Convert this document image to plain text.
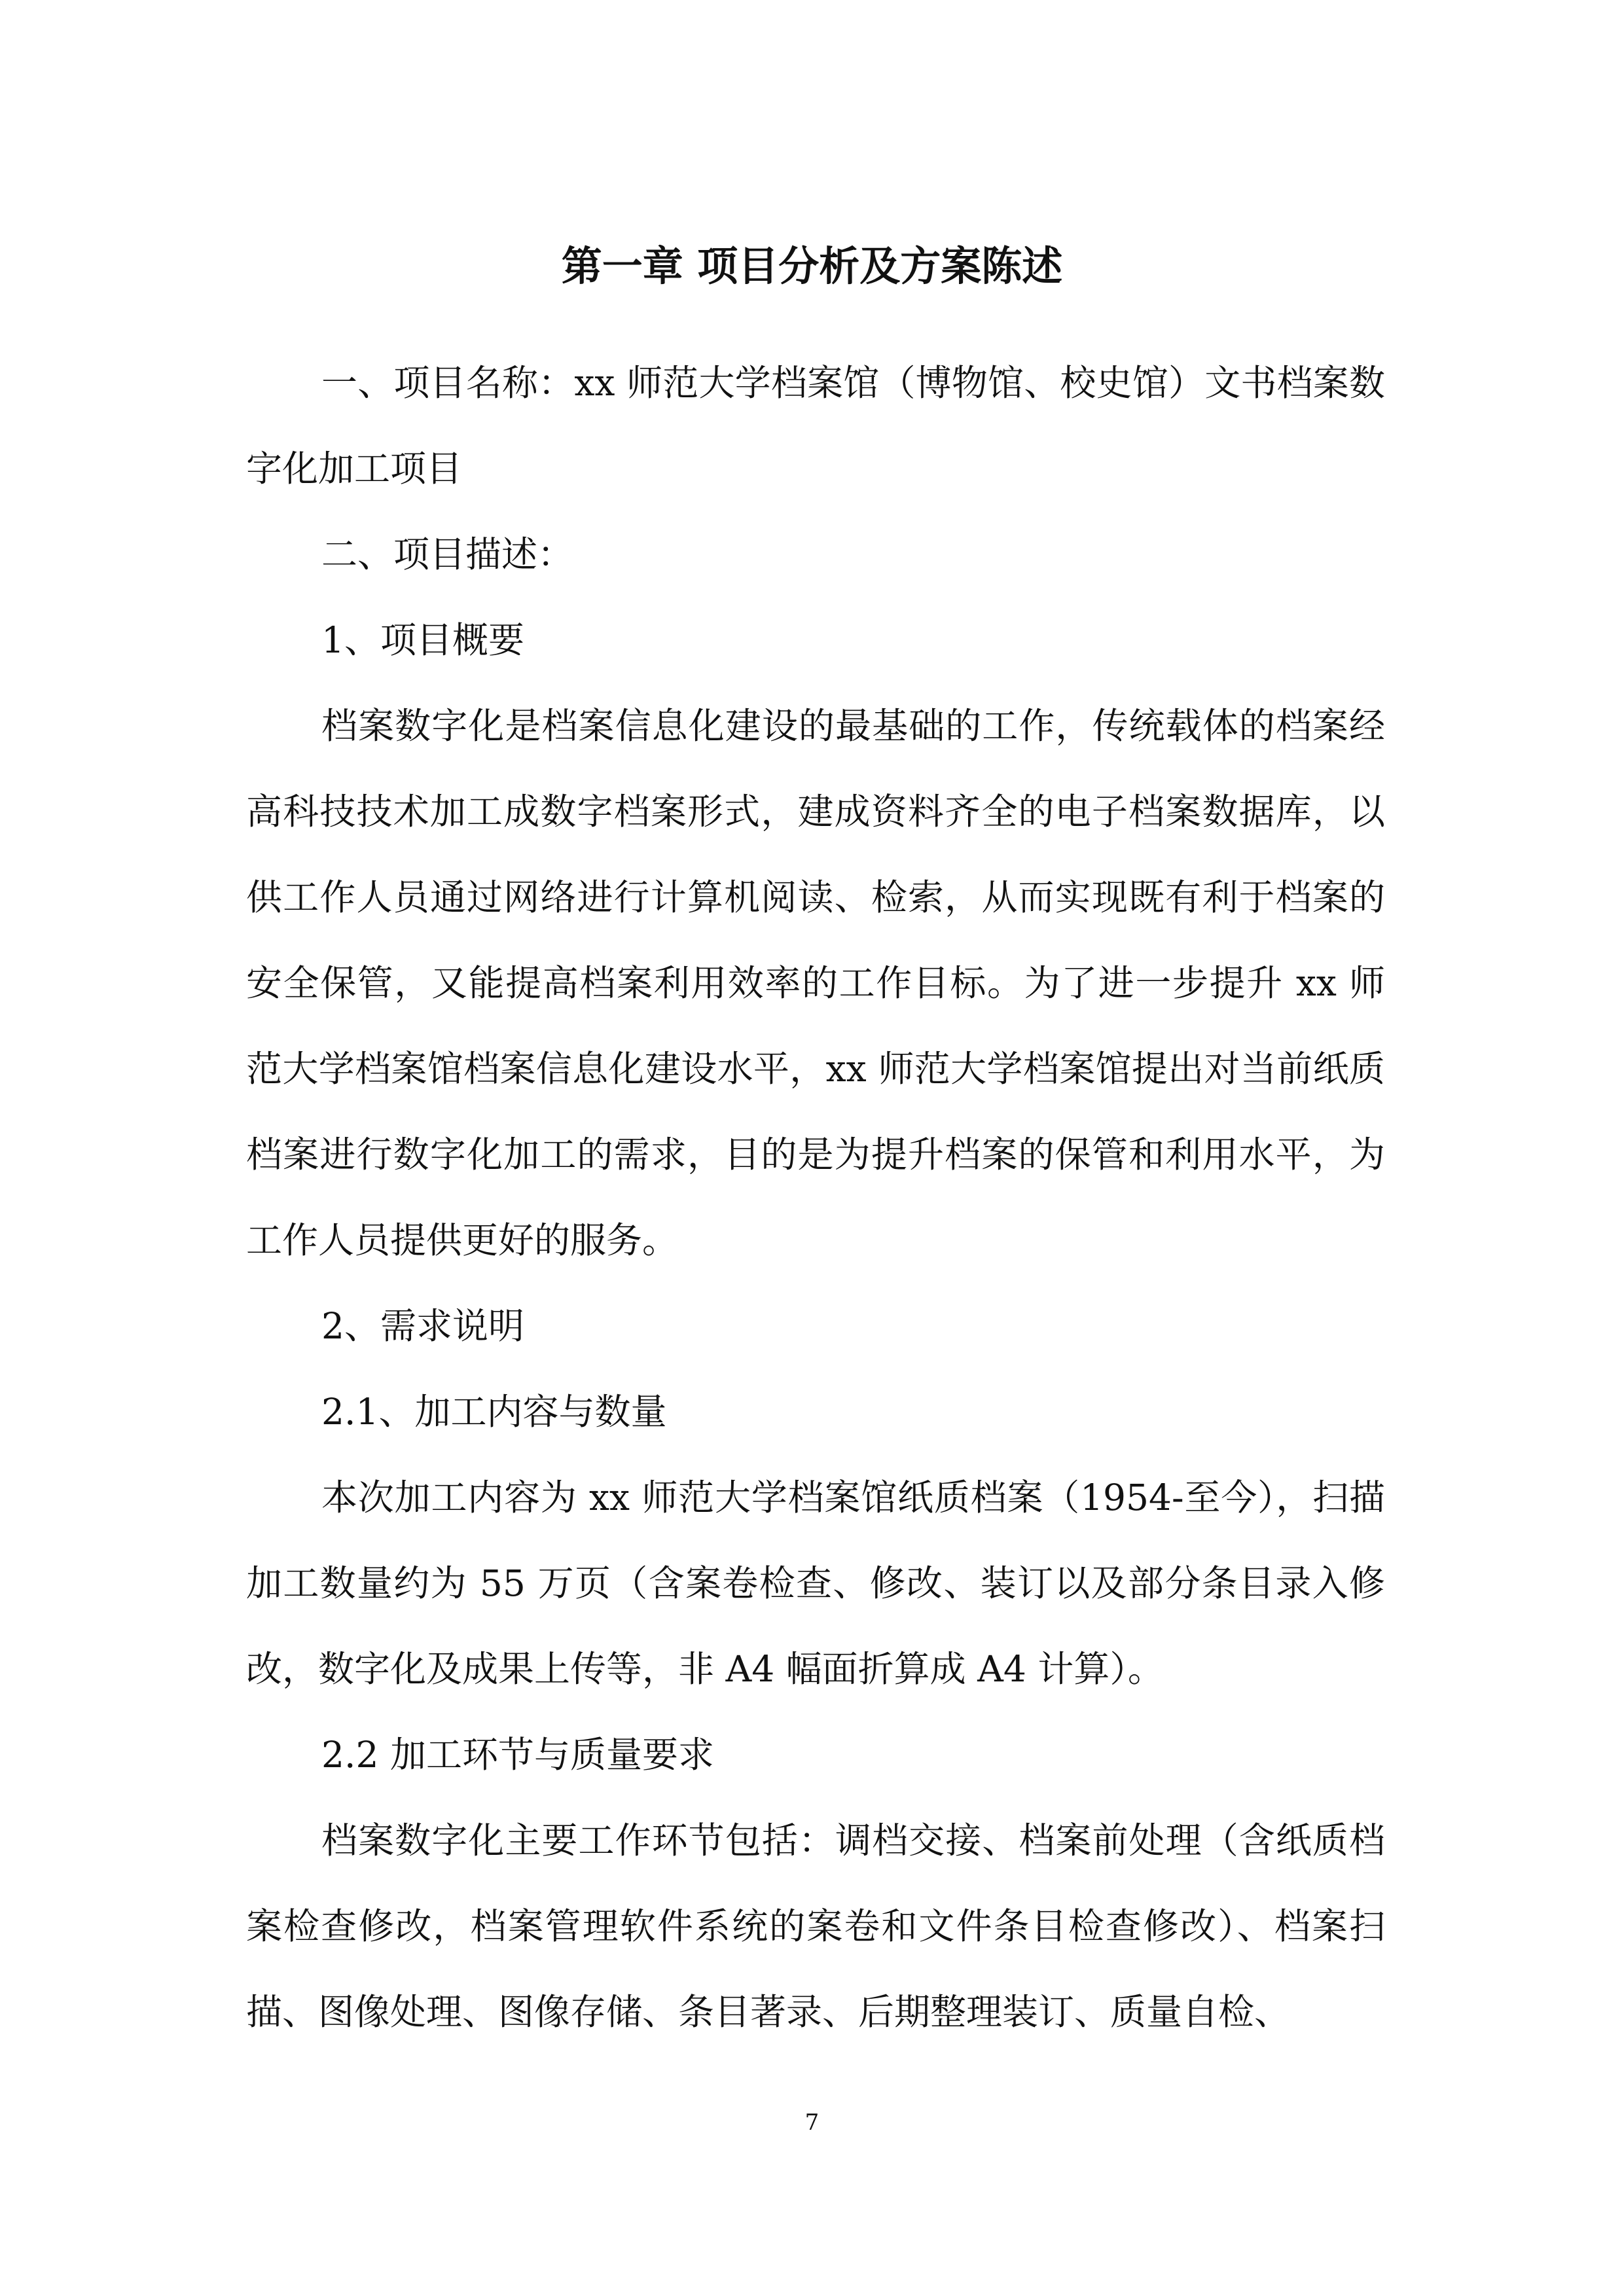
第一章 项目分析及方案陈述

一、项目名称：xx 师范大学档案馆（博物馆、校史馆）文书档案数字化加工项目

二、项目描述：

1、项目概要

档案数字化是档案信息化建设的最基础的工作，传统载体的档案经高科技技术加工成数字档案形式，建成资料齐全的电子档案数据库，以供工作人员通过网络进行计算机阅读、检索，从而实现既有利于档案的安全保管，又能提高档案利用效率的工作目标。为了进一步提升 xx 师范大学档案馆档案信息化建设水平，xx 师范大学档案馆提出对当前纸质档案进行数字化加工的需求，目的是为提升档案的保管和利用水平，为工作人员提供更好的服务。

2、需求说明

2.1、加工内容与数量

本次加工内容为 xx 师范大学档案馆纸质档案（1954-至今），扫描加工数量约为 55 万页（含案卷检查、修改、装订以及部分条目录入修改，数字化及成果上传等，非 A4 幅面折算成 A4 计算）。

2.2 加工环节与质量要求

档案数字化主要工作环节包括：调档交接、档案前处理（含纸质档案检查修改，档案管理软件系统的案卷和文件条目检查修改）、档案扫描、图像处理、图像存储、条目著录、后期整理装订、质量自检、

7
